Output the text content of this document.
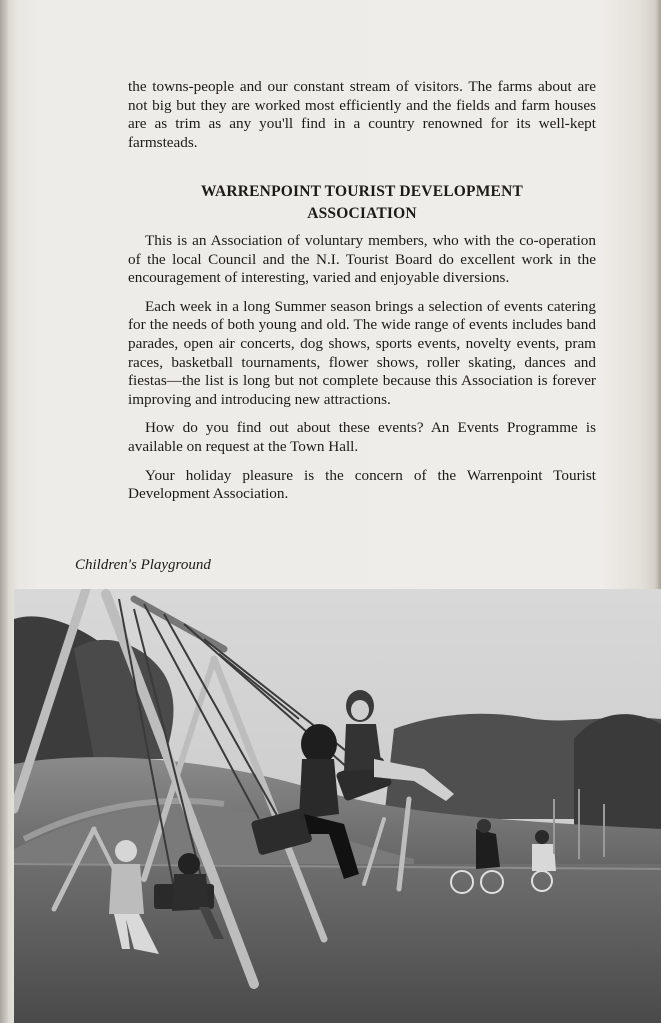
the towns-people and our constant stream of visitors. The farms about are not big but they are worked most efficiently and the fields and farm houses are as trim as any you'll find in a country renowned for its well-kept farmsteads.
WARRENPOINT TOURIST DEVELOPMENT
ASSOCIATION

This is an Association of voluntary members, who with the co-operation of the local Council and the N.I. Tourist Board do excellent work in the encouragement of interesting, varied and enjoyable diversions.

Each week in a long Summer season brings a selection of events catering for the needs of both young and old. The wide range of events includes band parades, open air concerts, dog shows, sports events, novelty events, pram races, basketball tournaments, flower shows, roller skating, dances and fiestas—the list is long but not complete because this Association is forever improving and introducing new attractions.

How do you find out about these events? An Events Programme is available on request at the Town Hall.

Your holiday pleasure is the concern of the Warrenpoint Tourist Development Association.

Children's Playground
